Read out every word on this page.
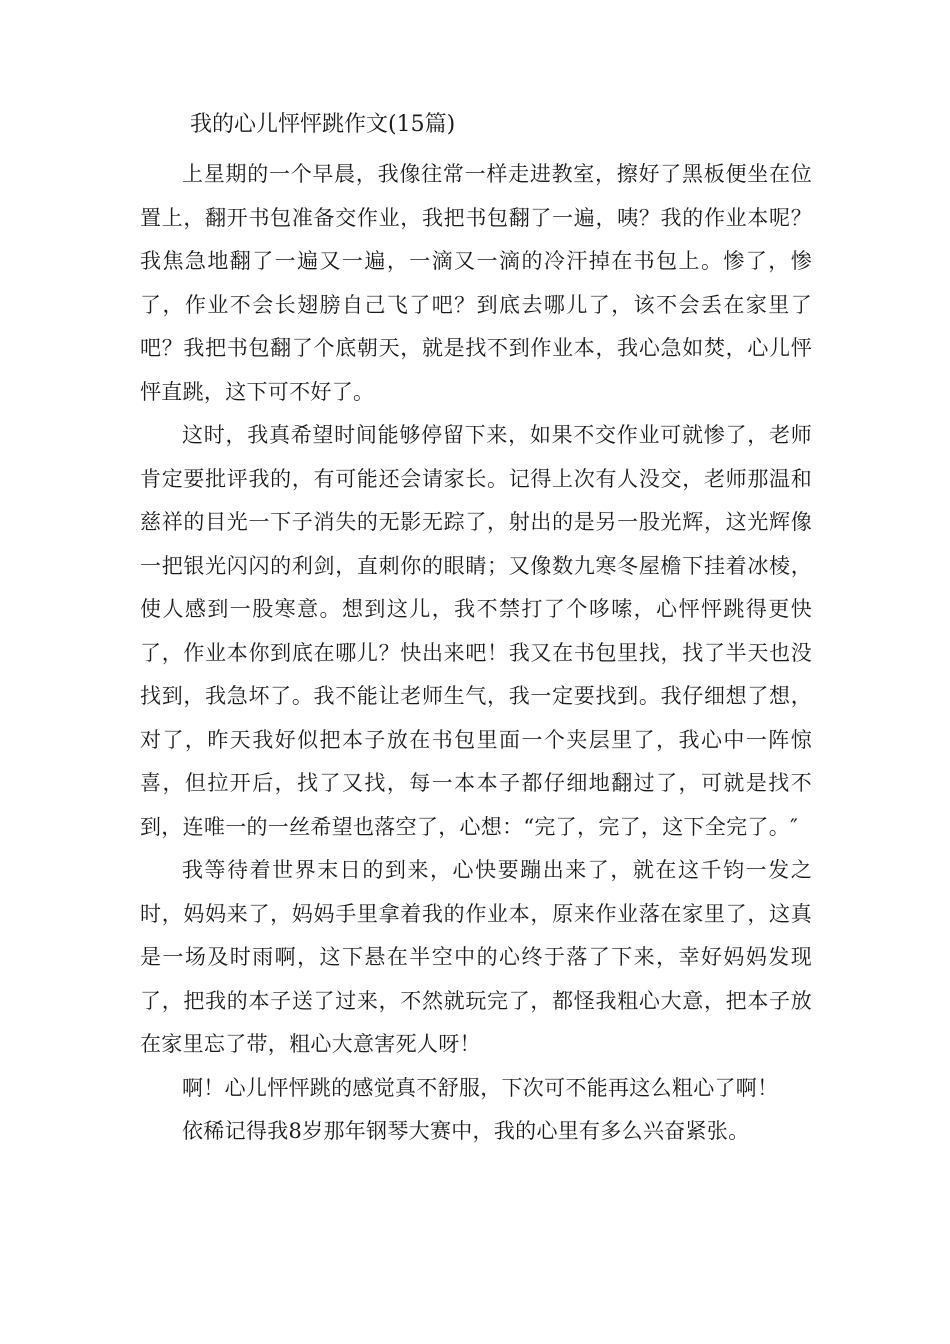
我的心儿怦怦跳作文(15篇)

上星期的一个早晨，我像往常一样走进教室，擦好了黑板便坐在位置上，翻开书包准备交作业，我把书包翻了一遍，咦？我的作业本呢？我焦急地翻了一遍又一遍，一滴又一滴的冷汗掉在书包上。惨了，惨了，作业不会长翅膀自己飞了吧？到底去哪儿了，该不会丢在家里了吧？我把书包翻了个底朝天，就是找不到作业本，我心急如焚，心儿怦怦直跳，这下可不好了。

这时，我真希望时间能够停留下来，如果不交作业可就惨了，老师肯定要批评我的，有可能还会请家长。记得上次有人没交，老师那温和慈祥的目光一下子消失的无影无踪了，射出的是另一股光辉，这光辉像一把银光闪闪的利剑，直刺你的眼睛；又像数九寒冬屋檐下挂着冰棱，使人感到一股寒意。想到这儿，我不禁打了个哆嗦，心怦怦跳得更快了，作业本你到底在哪儿？快出来吧！我又在书包里找，找了半天也没找到，我急坏了。我不能让老师生气，我一定要找到。我仔细想了想，对了，昨天我好似把本子放在书包里面一个夹层里了，我心中一阵惊喜，但拉开后，找了又找，每一本本子都仔细地翻过了，可就是找不到，连唯一的一丝希望也落空了，心想：“完了，完了，这下全完了。″

我等待着世界末日的到来，心快要蹦出来了，就在这千钧一发之时，妈妈来了，妈妈手里拿着我的作业本，原来作业落在家里了，这真是一场及时雨啊，这下悬在半空中的心终于落了下来，幸好妈妈发现了，把我的本子送了过来，不然就玩完了，都怪我粗心大意，把本子放在家里忘了带，粗心大意害死人呀！

啊！心儿怦怦跳的感觉真不舒服，下次可不能再这么粗心了啊！

依稀记得我8岁那年钢琴大赛中，我的心里有多么兴奋紧张。
